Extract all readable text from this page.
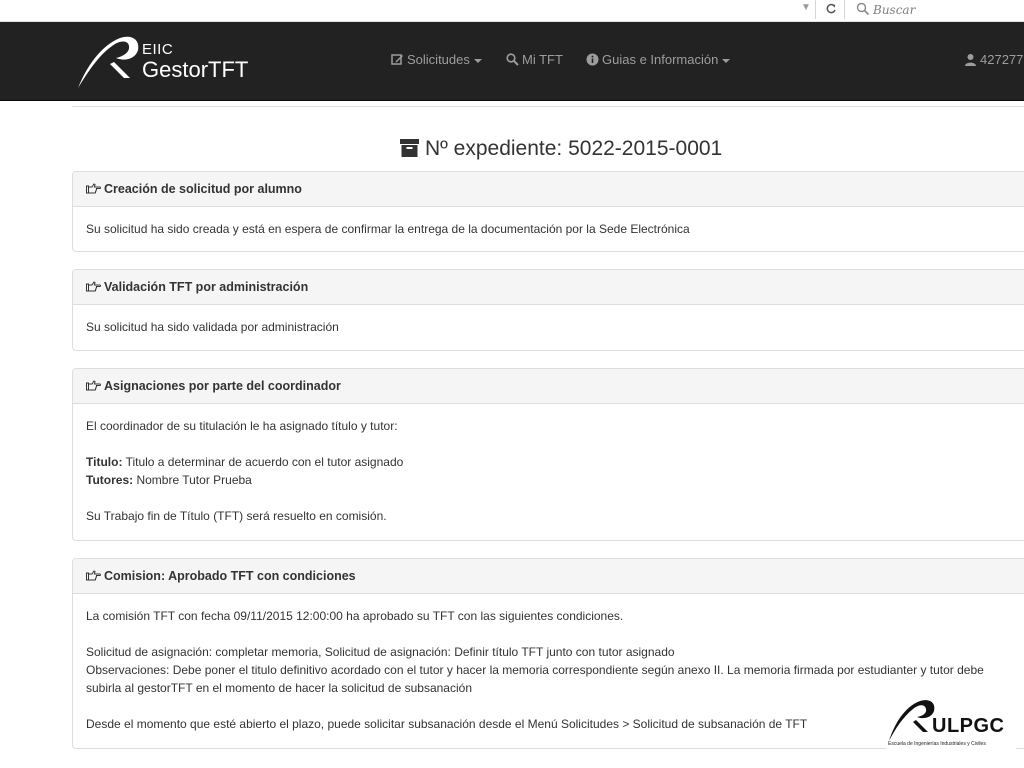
▼
Buscar
EIIC
GestorTFT	Solicitudes	Mi TFT	Guias e Información	427277
Nº expediente: 5022-2015-0001
Creación de solicitud por alumno

Su solicitud ha sido creada y está en espera de confirmar la entrega de la documentación por la Sede Electrónica

Validación TFT por administración

Su solicitud ha sido validada por administración

Asignaciones por parte del coordinador

El coordinador de su titulación le ha asignado título y tutor:

Titulo: Titulo a determinar de acuerdo con el tutor asignado

Tutores: Nombre Tutor Prueba

Su Trabajo fin de Título (TFT) será resuelto en comisión.

Comision: Aprobado TFT con condiciones

La comisión TFT con fecha 09/11/2015 12:00:00 ha aprobado su TFT con las siguientes condiciones.

Solicitud de asignación: completar memoria, Solicitud de asignación: Definir título TFT junto con tutor asignado

Observaciones: Debe poner el titulo definitivo acordado con el tutor y hacer la memoria correspondiente según anexo II. La memoria firmada por estudianter y tutor debe subirla al gestorTFT en el momento de hacer la solicitud de subsanación

Desde el momento que esté abierto el plazo, puede solicitar subsanación desde el Menú Solicitudes > Solicitud de subsanación de TFT	ULPGC
Escuela de Ingenierías Industriales y Civiles
